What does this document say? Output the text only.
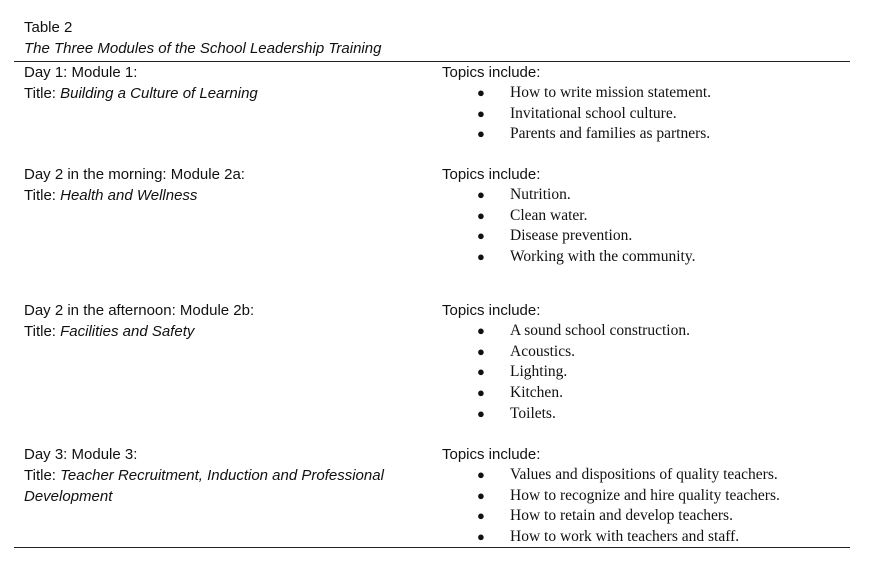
Table 2
The Three Modules of the School Leadership Training
Day 1: Module 1:
Title: Building a Culture of Learning
Topics include:
● How to write mission statement.
● Invitational school culture.
● Parents and families as partners.
Day 2 in the morning: Module 2a:
Title: Health and Wellness
Topics include:
● Nutrition.
● Clean water.
● Disease prevention.
● Working with the community.
Day 2 in the afternoon: Module 2b:
Title: Facilities and Safety
Topics include:
● A sound school construction.
● Acoustics.
● Lighting.
● Kitchen.
● Toilets.
Day 3: Module 3:
Title: Teacher Recruitment, Induction and Professional Development
Topics include:
● Values and dispositions of quality teachers.
● How to recognize and hire quality teachers.
● How to retain and develop teachers.
● How to work with teachers and staff.
